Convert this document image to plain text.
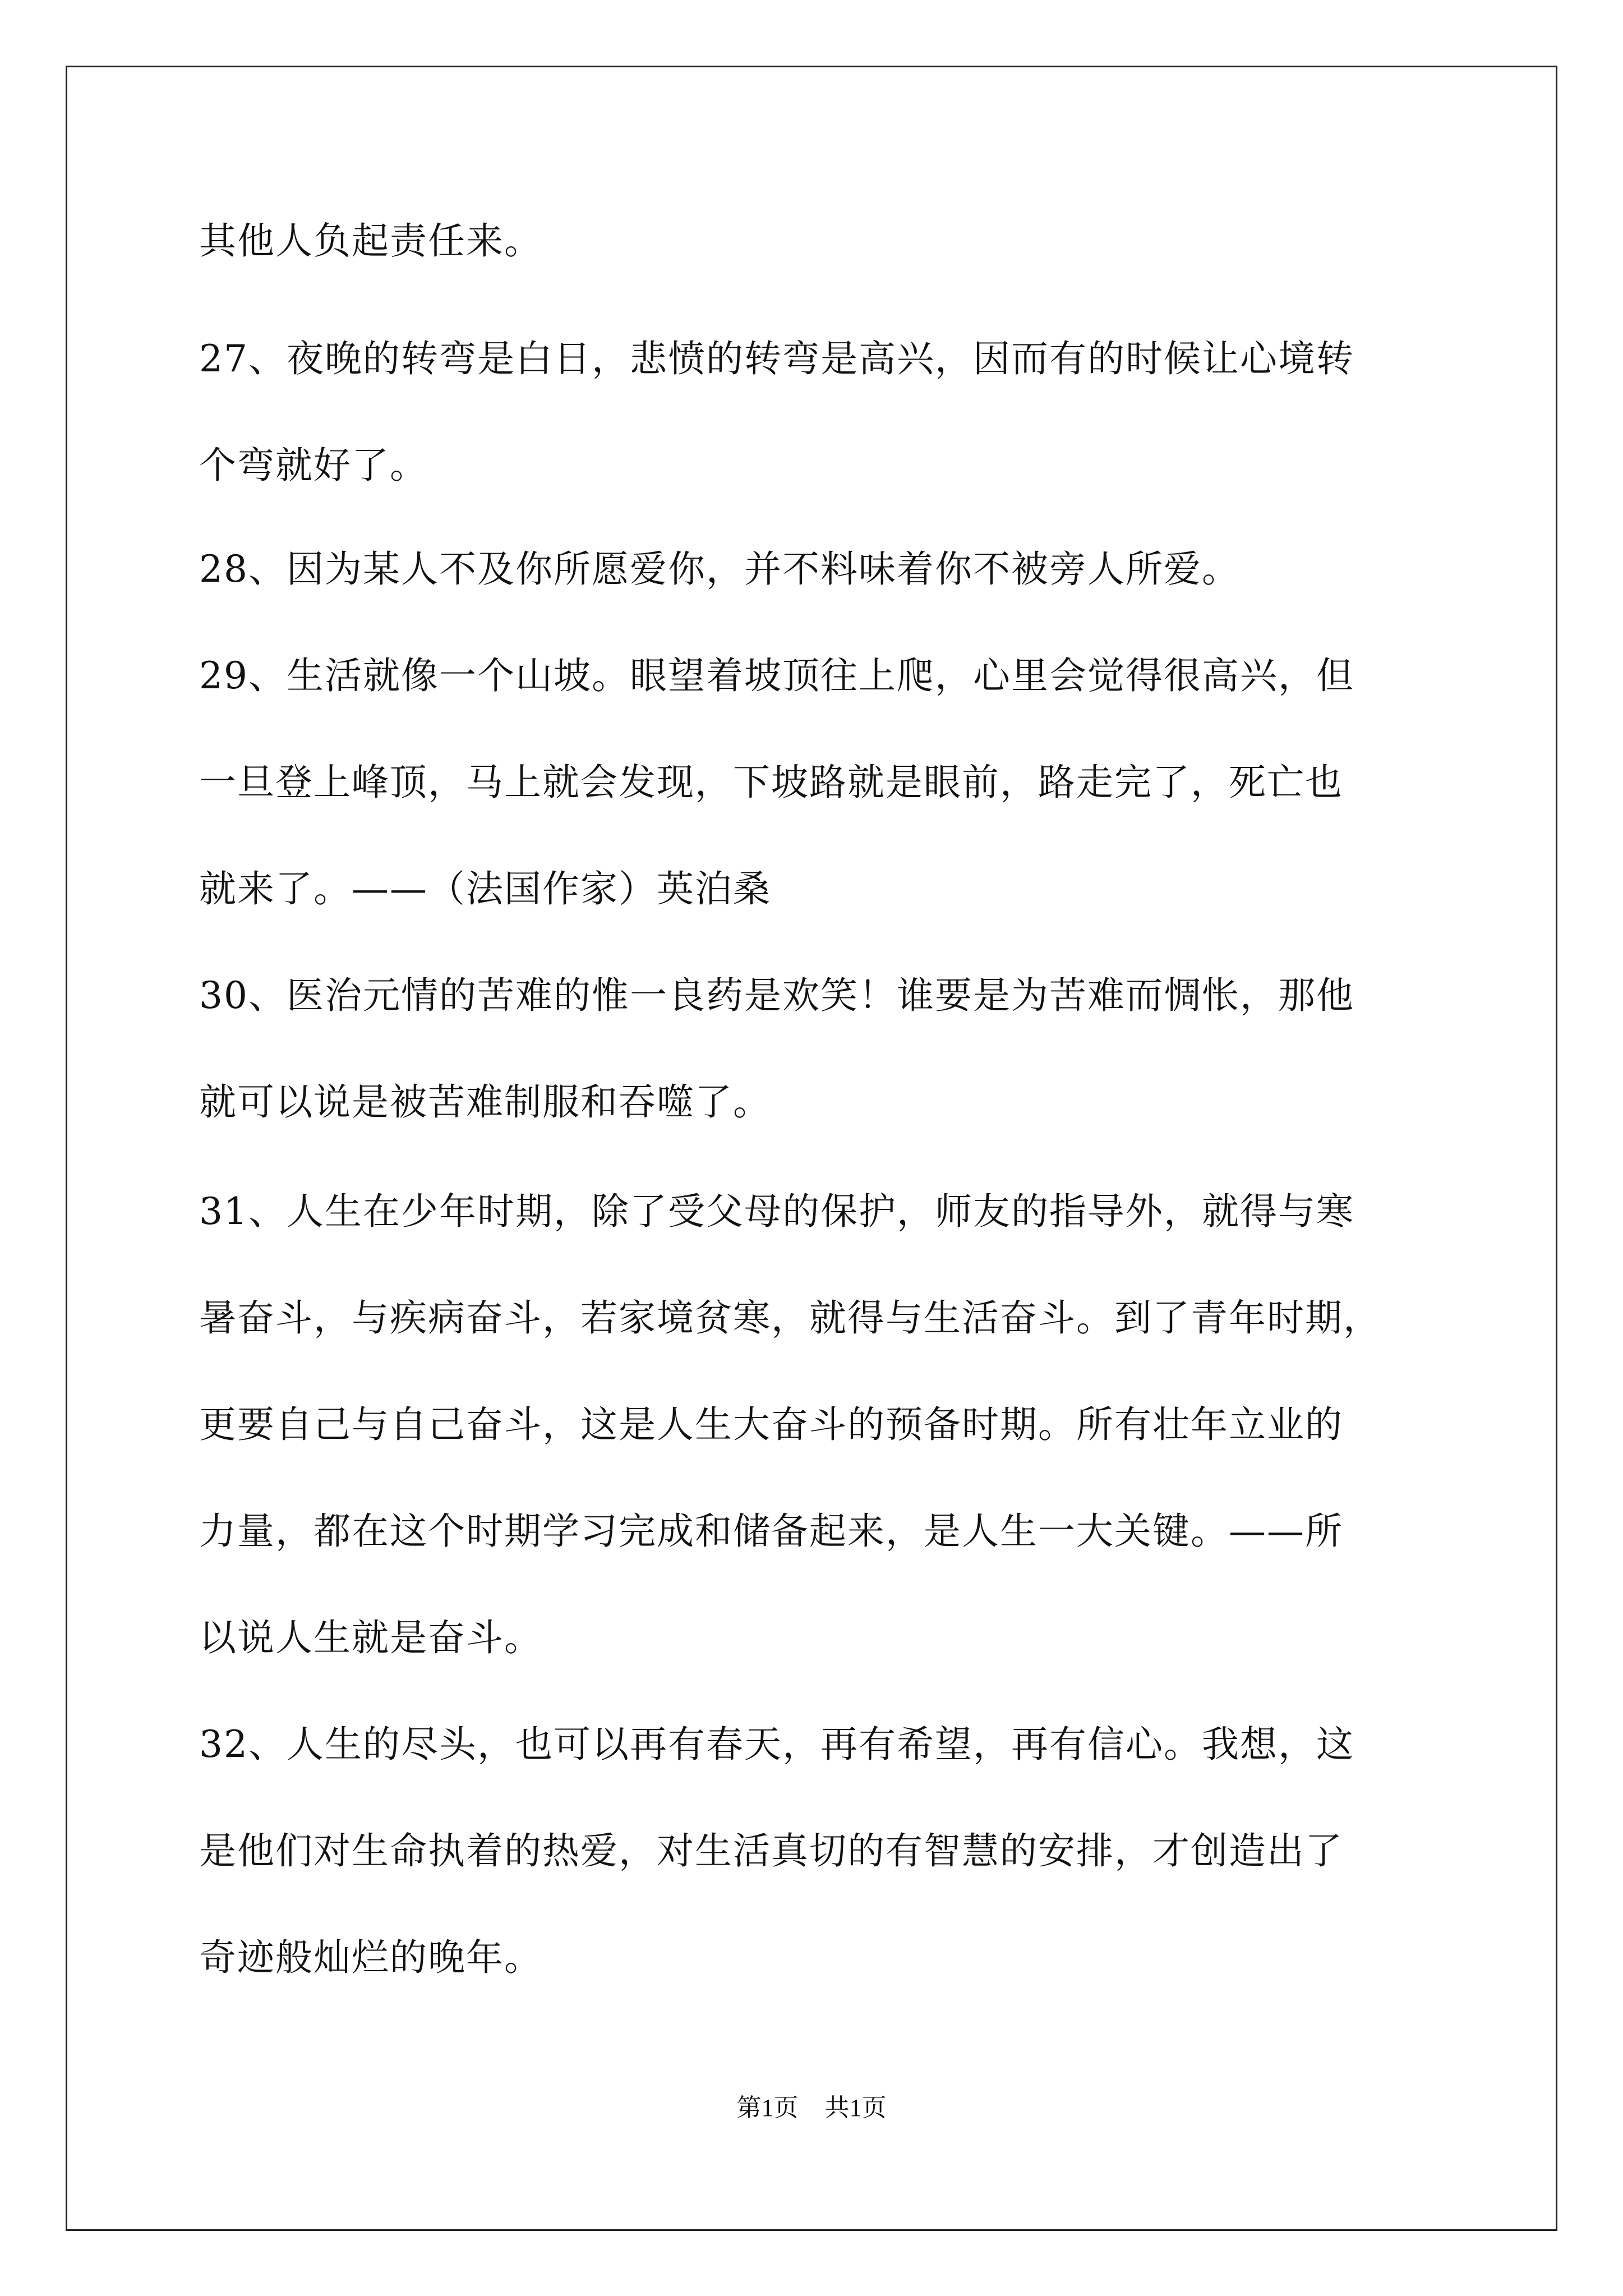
其他人负起责任来。
27、夜晚的转弯是白日，悲愤的转弯是高兴，因而有的时候让心境转
个弯就好了。
28、因为某人不及你所愿爱你，并不料味着你不被旁人所爱。
29、生活就像一个山坡。眼望着坡顶往上爬，心里会觉得很高兴，但
一旦登上峰顶，马上就会发现，下坡路就是眼前，路走完了，死亡也
就来了。——（法国作家）英泊桑
30、医治元情的苦难的惟一良药是欢笑！谁要是为苦难而惆怅，那他
就可以说是被苦难制服和吞噬了。
31、人生在少年时期，除了受父母的保护，师友的指导外，就得与寒
暑奋斗，与疾病奋斗，若家境贫寒，就得与生活奋斗。到了青年时期，
更要自己与自己奋斗，这是人生大奋斗的预备时期。所有壮年立业的
力量，都在这个时期学习完成和储备起来，是人生一大关键。——所
以说人生就是奋斗。
32、人生的尽头，也可以再有春天，再有希望，再有信心。我想，这
是他们对生命执着的热爱，对生活真切的有智慧的安排，才创造出了
奇迹般灿烂的晚年。
第1页 共1页
